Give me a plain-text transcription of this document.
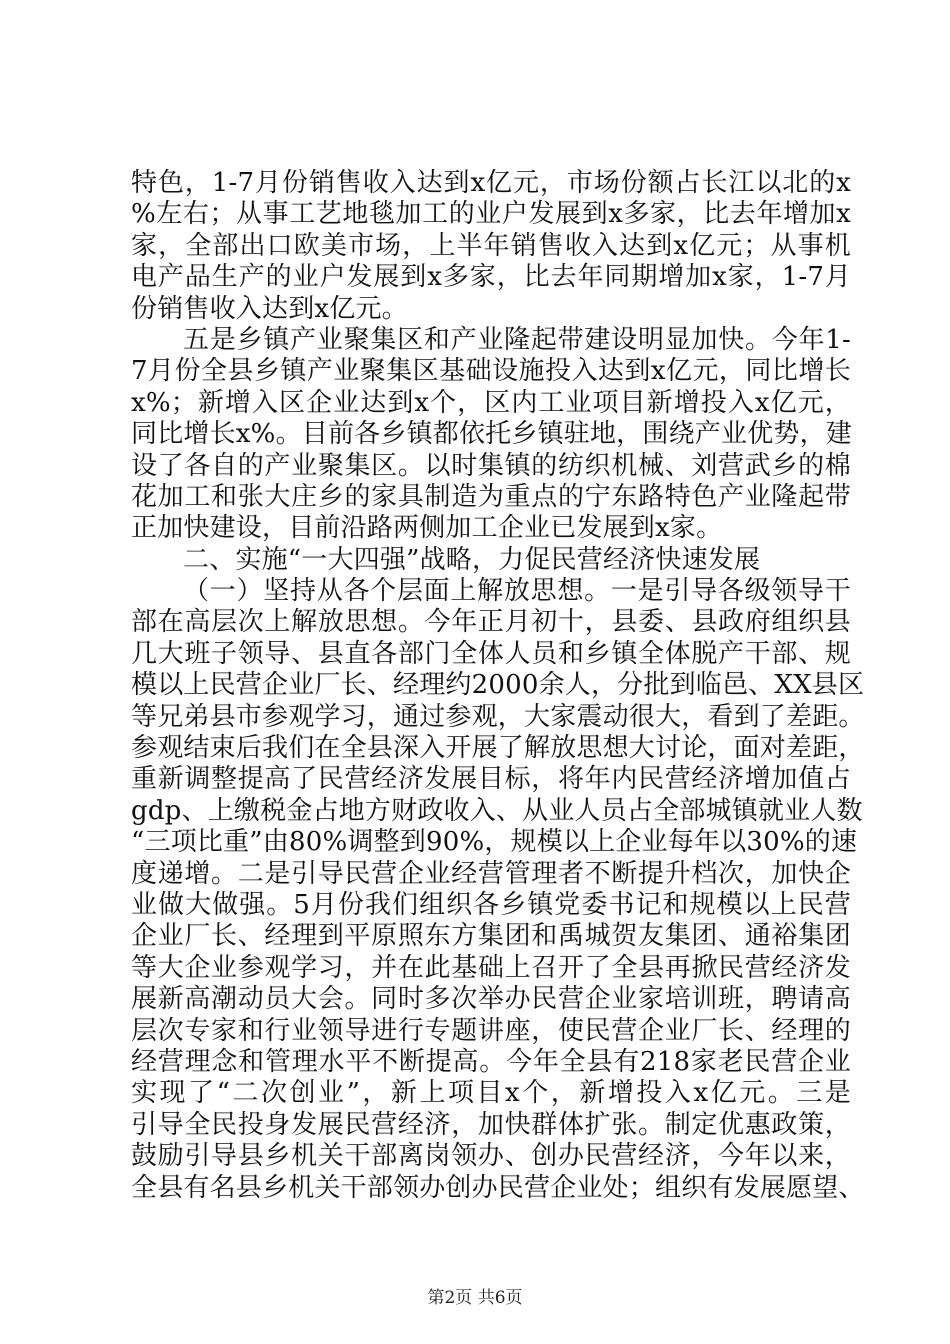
特色，1-7月份销售收入达到x亿元，市场份额占长江以北的x
%左右；从事工艺地毯加工的业户发展到x多家，比去年增加x
家，全部出口欧美市场，上半年销售收入达到x亿元；从事机
电产品生产的业户发展到x多家，比去年同期增加x家，1-7月
份销售收入达到x亿元。
五是乡镇产业聚集区和产业隆起带建设明显加快。今年1-
7月份全县乡镇产业聚集区基础设施投入达到x亿元，同比增长
x%；新增入区企业达到x个，区内工业项目新增投入x亿元，
同比增长x%。目前各乡镇都依托乡镇驻地，围绕产业优势，建
设了各自的产业聚集区。以时集镇的纺织机械、刘营武乡的棉
花加工和张大庄乡的家具制造为重点的宁东路特色产业隆起带
正加快建设，目前沿路两侧加工企业已发展到x家。
二、实施“一大四强”战略，力促民营经济快速发展
（一）坚持从各个层面上解放思想。一是引导各级领导干
部在高层次上解放思想。今年正月初十，县委、县政府组织县
几大班子领导、县直各部门全体人员和乡镇全体脱产干部、规
模以上民营企业厂长、经理约2000余人，分批到临邑、XX县区
等兄弟县市参观学习，通过参观，大家震动很大，看到了差距。
参观结束后我们在全县深入开展了解放思想大讨论，面对差距，
重新调整提高了民营经济发展目标，将年内民营经济增加值占
gdp、上缴税金占地方财政收入、从业人员占全部城镇就业人数
“三项比重”由80%调整到90%，规模以上企业每年以30%的速
度递增。二是引导民营企业经营管理者不断提升档次，加快企
业做大做强。5月份我们组织各乡镇党委书记和规模以上民营
企业厂长、经理到平原照东方集团和禹城贺友集团、通裕集团
等大企业参观学习，并在此基础上召开了全县再掀民营经济发
展新高潮动员大会。同时多次举办民营企业家培训班，聘请高
层次专家和行业领导进行专题讲座，使民营企业厂长、经理的
经营理念和管理水平不断提高。今年全县有218家老民营企业
实现了“二次创业”，新上项目x个，新增投入x亿元。三是
引导全民投身发展民营经济，加快群体扩张。制定优惠政策，
鼓励引导县乡机关干部离岗领办、创办民营经济，今年以来，
全县有名县乡机关干部领办创办民营企业处；组织有发展愿望、
第2页 共6页
